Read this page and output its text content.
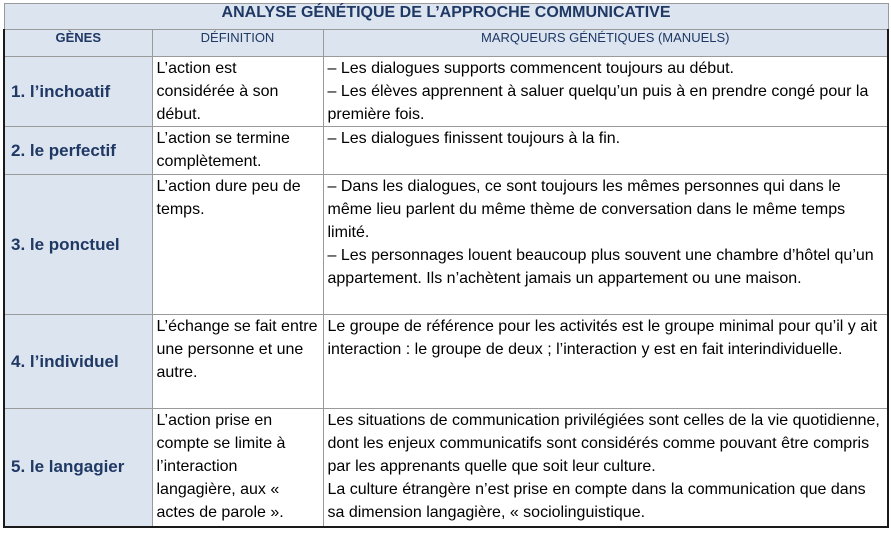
ANALYSE GÉNÉTIQUE DE L’APPROCHE COMMUNICATIVE		
GÈNES	DÉFINITION	MARQUEURS GÉNÉTIQUES (MANUELS)
1. l’inchoatif	L’action est considérée à son début.	– Les dialogues supports commencent toujours au début.

– Les élèves apprennent à saluer quelqu’un puis à en prendre congé pour la première fois.

2. le perfectif	L’action se termine complètement.	– Les dialogues finissent toujours à la fin.

3. le ponctuel	L’action dure peu de temps.	– Dans les dialogues, ce sont toujours les mêmes personnes qui dans le même lieu parlent du même thème de conversation dans le même temps limité.

– Les personnages louent beaucoup plus souvent une chambre d’hôtel qu’un appartement. Ils n’achètent jamais un appartement ou une maison.

4. l’individuel	L’échange se fait entre une personne et une autre.	Le groupe de référence pour les activités est le groupe minimal pour qu’il y ait interaction : le groupe de deux ; l’interaction y est en fait interindividuelle.

5. le langagier	L’action prise en compte se limite à l’interaction langagière, aux « actes de parole ».	Les situations de communication privilégiées sont celles de la vie quotidienne, dont les enjeux communicatifs sont considérés comme pouvant être compris par les apprenants quelle que soit leur culture.

La culture étrangère n’est prise en compte dans la communication que dans sa dimension langagière, « sociolinguistique.
